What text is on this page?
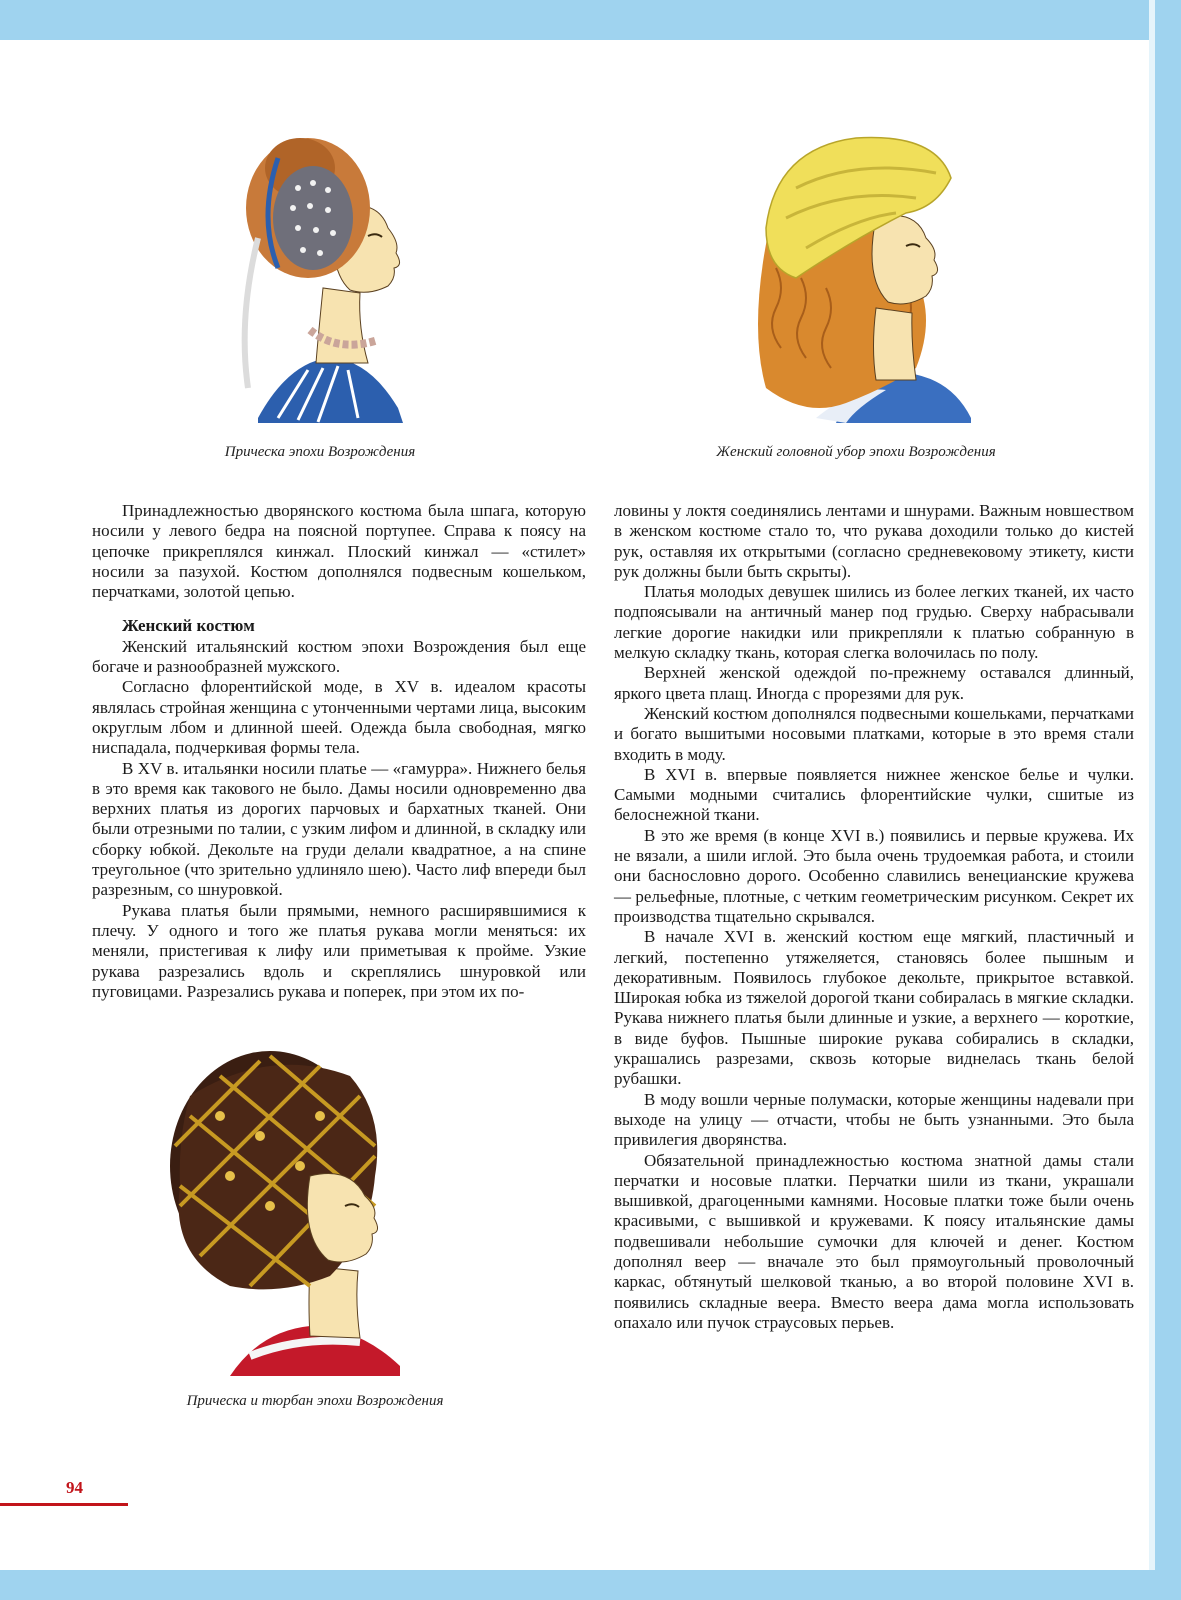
Прическа эпохи Возрождения	Женский головной убор эпохи Возрождения
Прическа и тюрбан эпохи Возрождения

Принадлежностью дворянского костюма была шпага, которую носили у левого бедра на поясной портупее. Справа к поясу на цепочке прикреплялся кинжал. Плоский кинжал — «стилет» носили за пазухой. Костюм дополнялся подвесным кошельком, перчатками, золотой цепью.

Женский костюм

Женский итальянский костюм эпохи Возрождения был еще богаче и разнообразней мужского.

Согласно флорентийской моде, в XV в. идеалом красоты являлась стройная женщина с утонченными чертами лица, высоким округлым лбом и длинной шеей. Одежда была свободная, мягко ниспадала, подчеркивая формы тела.

В XV в. итальянки носили платье — «гамурра». Нижнего белья в это время как такового не было. Дамы носили одновременно два верхних платья из дорогих парчовых и бархатных тканей. Они были отрезными по талии, с узким лифом и длинной, в складку или сборку юбкой. Декольте на груди делали квадратное, а на спине треугольное (что зрительно удлиняло шею). Часто лиф впереди был разрезным, со шнуровкой.

Рукава платья были прямыми, немного расширявшимися к плечу. У одного и того же платья рукава могли меняться: их меняли, пристегивая к лифу или приметывая к пройме. Узкие рукава разрезались вдоль и скреплялись шнуровкой или пуговицами. Разрезались рукава и поперек, при этом их по-

ловины у локтя соединялись лентами и шнурами. Важным новшеством в женском костюме стало то, что рукава доходили только до кистей рук, оставляя их открытыми (согласно средневековому этикету, кисти рук должны были быть скрыты).

Платья молодых девушек шились из более легких тканей, их часто подпоясывали на античный манер под грудью. Сверху набрасывали легкие дорогие накидки или прикрепляли к платью собранную в мелкую складку ткань, которая слегка волочилась по полу.

Верхней женской одеждой по-прежнему оставался длинный, яркого цвета плащ. Иногда с прорезями для рук.

Женский костюм дополнялся подвесными кошельками, перчатками и богато вышитыми носовыми платками, которые в это время стали входить в моду.

В XVI в. впервые появляется нижнее женское белье и чулки. Самыми модными считались флорентийские чулки, сшитые из белоснежной ткани.

В это же время (в конце XVI в.) появились и первые кружева. Их не вязали, а шили иглой. Это была очень трудоемкая работа, и стоили они баснословно дорого. Особенно славились венецианские кружева — рельефные, плотные, с четким геометрическим рисунком. Секрет их производства тщательно скрывался.

В начале XVI в. женский костюм еще мягкий, пластичный и легкий, постепенно утяжеляется, становясь более пышным и декоративным. Появилось глубокое декольте, прикрытое вставкой. Широкая юбка из тяжелой дорогой ткани собиралась в мягкие складки. Рукава нижнего платья были длинные и узкие, а верхнего — короткие, в виде буфов. Пышные широкие рукава собирались в складки, украшались разрезами, сквозь которые виднелась ткань белой рубашки.

В моду вошли черные полумаски, которые женщины надевали при выходе на улицу — отчасти, чтобы не быть узнанными. Это была привилегия дворянства.

Обязательной принадлежностью костюма знатной дамы стали перчатки и носовые платки. Перчатки шили из ткани, украшали вышивкой, драгоценными камнями. Носовые платки тоже были очень красивыми, с вышивкой и кружевами. К поясу итальянские дамы подвешивали небольшие сумочки для ключей и денег. Костюм дополнял веер — вначале это был прямоугольный проволочный каркас, обтянутый шелковой тканью, а во второй половине XVI в. появились складные веера. Вместо веера дама могла использовать опахало или пучок страусовых перьев.

94
